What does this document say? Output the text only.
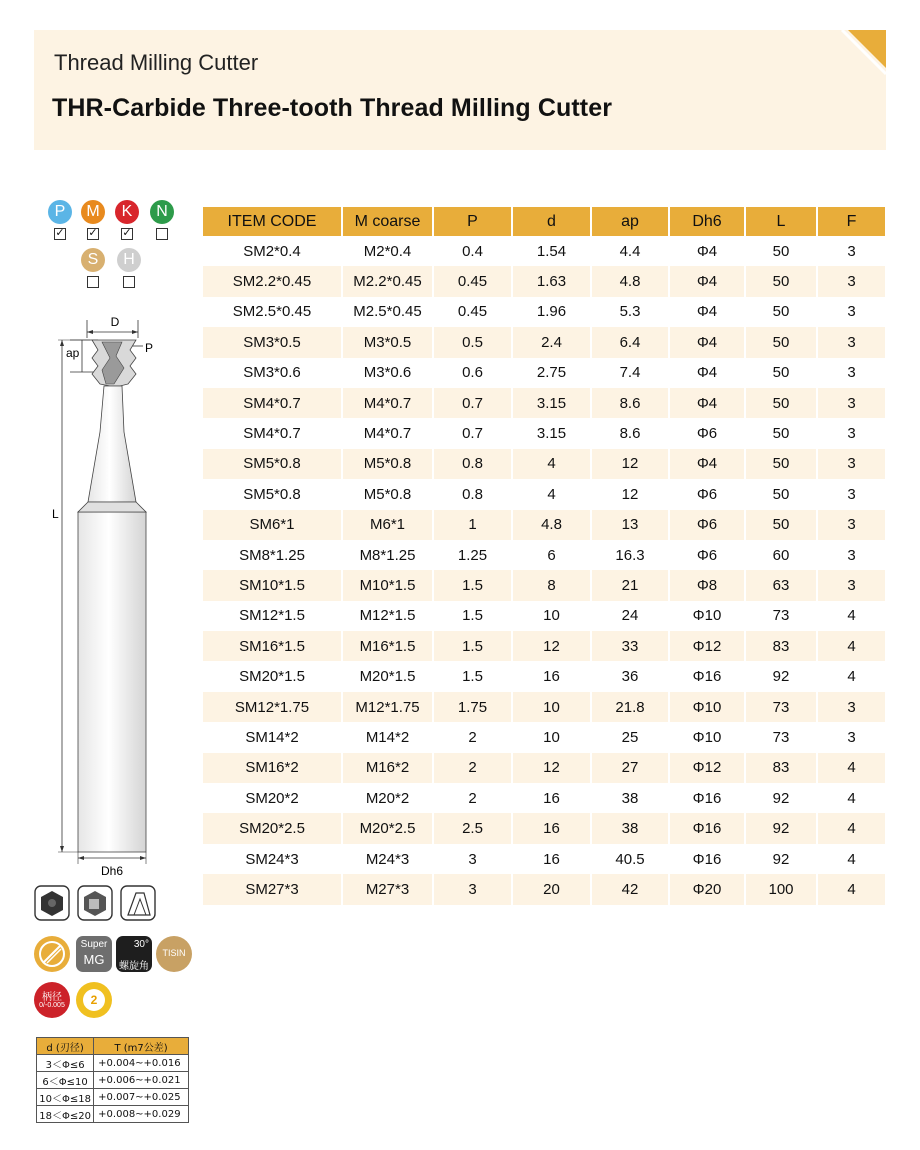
Thread Milling Cutter
THR-Carbide Three-tooth Thread Milling Cutter
P
✓
M
✓
K
✓
N
S	H
D
ap	P
L
Dh6
Super
MG
30°
螺旋角
TISIN
柄径
0/-0.005	2
d (刃径)	T (m7公差)
3＜Φ≤6	+0.004~+0.016
6＜Φ≤10	+0.006~+0.021
10＜Φ≤18	+0.007~+0.025
18＜Φ≤20	+0.008~+0.029
ITEM CODE	M coarse	P	d	ap	Dh6	L	F
SM2*0.4	M2*0.4	0.4	1.54	4.4	Φ4	50	3
SM2.2*0.45	M2.2*0.45	0.45	1.63	4.8	Φ4	50	3
SM2.5*0.45	M2.5*0.45	0.45	1.96	5.3	Φ4	50	3
SM3*0.5	M3*0.5	0.5	2.4	6.4	Φ4	50	3
SM3*0.6	M3*0.6	0.6	2.75	7.4	Φ4	50	3
SM4*0.7	M4*0.7	0.7	3.15	8.6	Φ4	50	3
SM4*0.7	M4*0.7	0.7	3.15	8.6	Φ6	50	3
SM5*0.8	M5*0.8	0.8	4	12	Φ4	50	3
SM5*0.8	M5*0.8	0.8	4	12	Φ6	50	3
SM6*1	M6*1	1	4.8	13	Φ6	50	3
SM8*1.25	M8*1.25	1.25	6	16.3	Φ6	60	3
SM10*1.5	M10*1.5	1.5	8	21	Φ8	63	3
SM12*1.5	M12*1.5	1.5	10	24	Φ10	73	4
SM16*1.5	M16*1.5	1.5	12	33	Φ12	83	4
SM20*1.5	M20*1.5	1.5	16	36	Φ16	92	4
SM12*1.75	M12*1.75	1.75	10	21.8	Φ10	73	3
SM14*2	M14*2	2	10	25	Φ10	73	3
SM16*2	M16*2	2	12	27	Φ12	83	4
SM20*2	M20*2	2	16	38	Φ16	92	4
SM20*2.5	M20*2.5	2.5	16	38	Φ16	92	4
SM24*3	M24*3	3	16	40.5	Φ16	92	4
SM27*3	M27*3	3	20	42	Φ20	100	4
